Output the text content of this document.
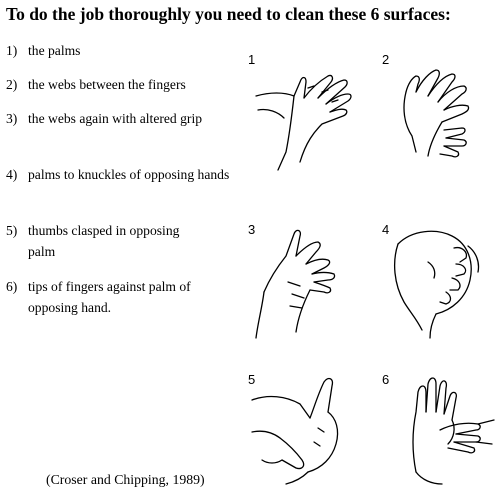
To do the job thoroughly you need to clean these 6 surfaces:
1) the palms
2) the webs between the fingers
3) the webs again with altered grip
4) palms to knuckles of opposing hands
5) thumbs clasped in opposing palm
6) tips of fingers against palm of opposing hand.
1	2
3	4
5	6
(Croser and Chipping, 1989)
